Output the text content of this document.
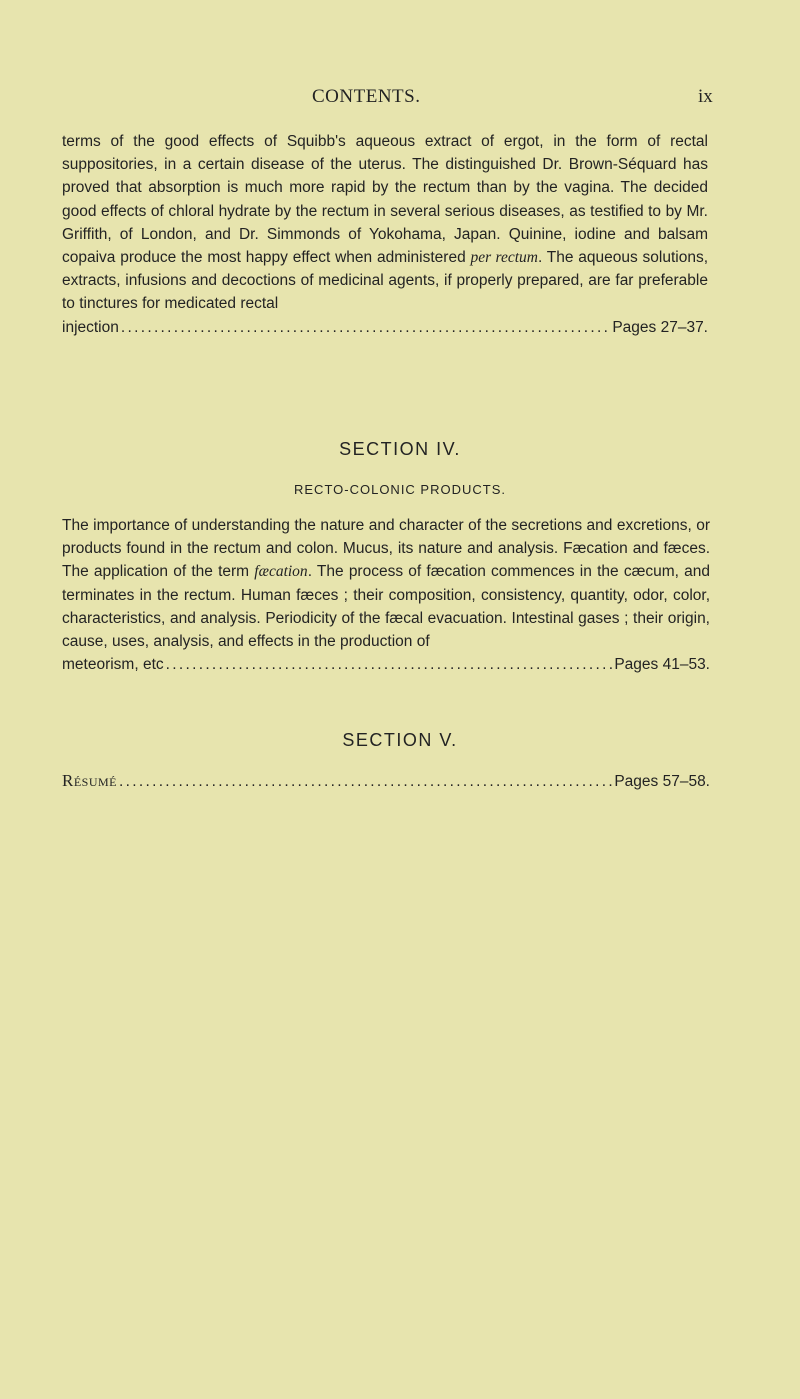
CONTENTS.	ix

terms of the good effects of Squibb's aqueous extract of ergot, in the form of rectal suppositories, in a certain disease of the uterus. The distinguished Dr. Brown-Séquard has proved that absorption is much more rapid by the rectum than by the vagina. The decided good effects of chloral hydrate by the rectum in several serious diseases, as testified to by Mr. Griffith, of London, and Dr. Simmonds of Yokohama, Japan. Quinine, iodine and balsam copaiva produce the most happy effect when administered per rectum. The aqueous solutions, extracts, infusions and decoctions of medicinal agents, if properly prepared, are far preferable to tinctures for medicated rectal

injection . . .	Pages 27–37.
SECTION IV.
RECTO-COLONIC PRODUCTS.

The importance of understanding the nature and character of the secretions and excretions, or products found in the rectum and colon. Mucus, its nature and analysis. Fæcation and fæces. The application of the term fæcation. The process of fæcation commences in the cæcum, and terminates in the rectum. Human fæces ; their composition, consistency, quantity, odor, color, characteristics, and analysis. Periodicity of the fæcal evacuation. Intestinal gases ; their origin, cause, uses, analysis, and effects in the production of

meteorism, etc . . .	Pages 41–53.
SECTION V.
Résumé . . .	Pages 57–58.
